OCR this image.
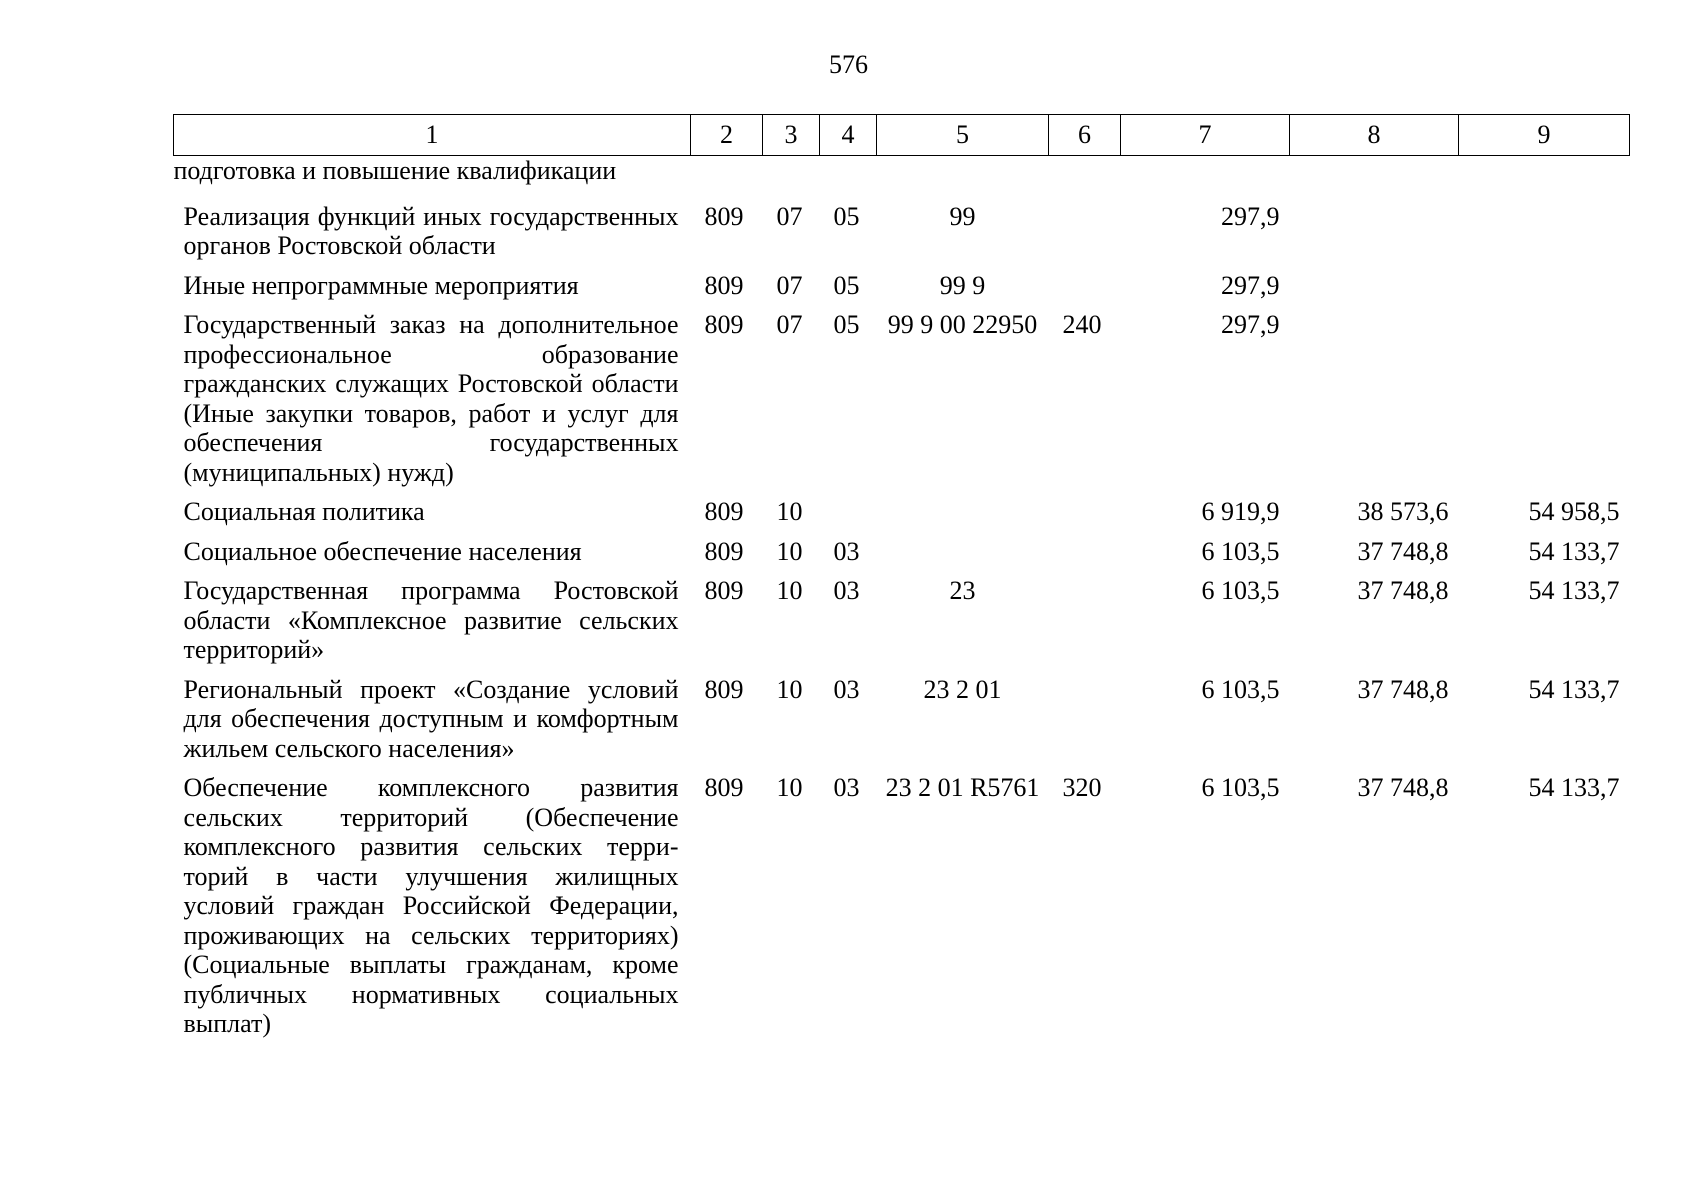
576
1	2	3	4	5	6	7	8	9
подготовка и повышение квалификации								
Реализация функций иных государственных органов Ростовской области	809	07	05	99		297,9		
Иные непрограммные мероприятия	809	07	05	99 9		297,9		
Государственный заказ на дополнительное профессиональное образование гражданских служащих Ростовской области (Иные закупки товаров, работ и услуг для обеспечения государственных (муниципальных) нужд)	809	07	05	99 9 00 22950	240	297,9		
Социальная политика	809	10				6 919,9	38 573,6	54 958,5
Социальное обеспечение населения	809	10	03			6 103,5	37 748,8	54 133,7
Государственная программа Ростовской области «Комплексное развитие сельских территорий»	809	10	03	23		6 103,5	37 748,8	54 133,7
Региональный проект «Создание условий для обеспечения доступным и комфортным жильем сельского населения»	809	10	03	23 2 01		6 103,5	37 748,8	54 133,7
Обеспечение комплексного развития сельских территорий (Обеспечение комплексного развития сельских территорий в части улучшения жилищных условий граждан Российской Федерации, проживающих на сельских территориях) (Социальные выплаты гражданам, кроме публичных нормативных социальных выплат)	809	10	03	23 2 01 R5761	320	6 103,5	37 748,8	54 133,7
